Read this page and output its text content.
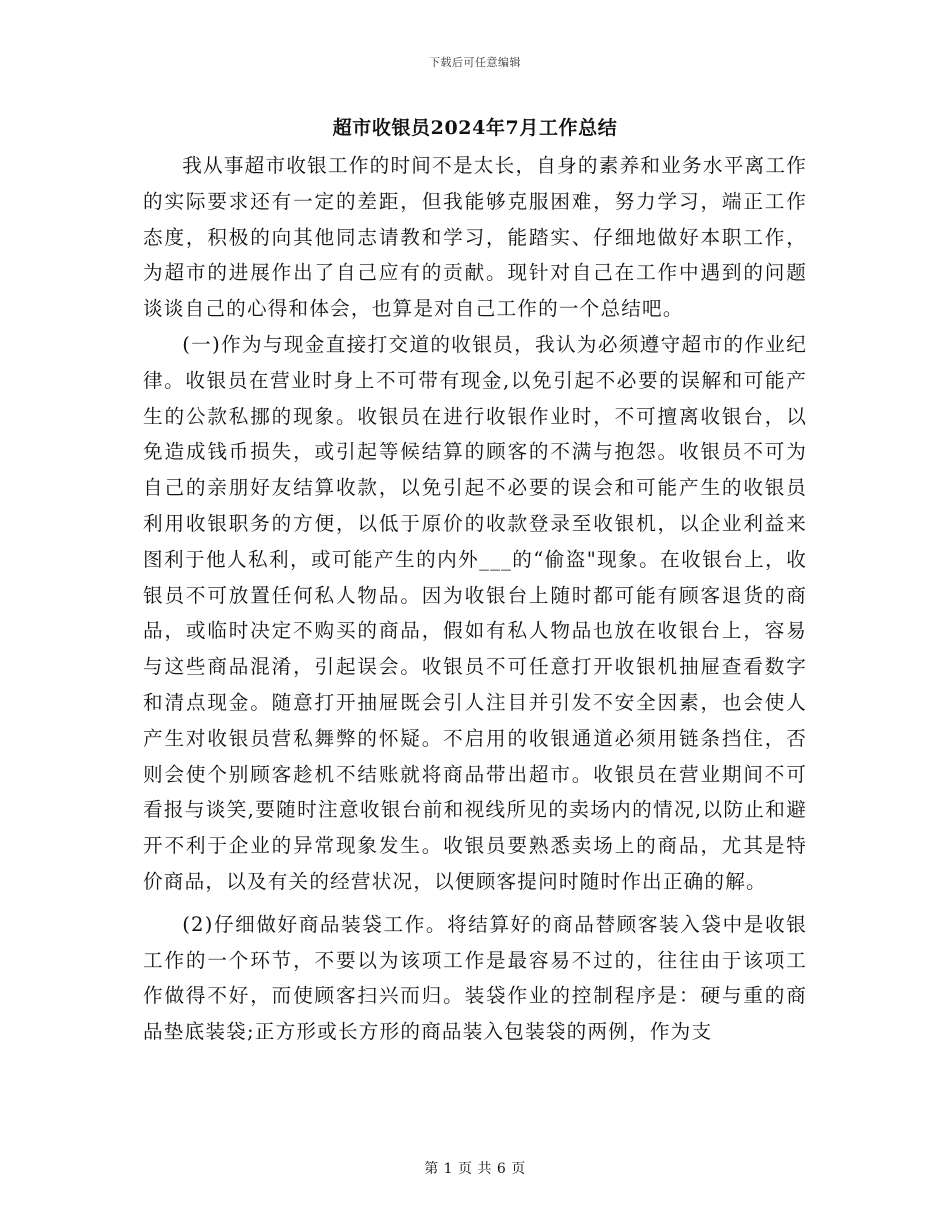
下载后可任意编辑
超市收银员2024年7月工作总结

我从事超市收银工作的时间不是太长，自身的素养和业务水平离工作的实际要求还有一定的差距，但我能够克服困难，努力学习，端正工作态度，积极的向其他同志请教和学习，能踏实、仔细地做好本职工作，为超市的进展作出了自己应有的贡献。现针对自己在工作中遇到的问题谈谈自己的心得和体会，也算是对自己工作的一个总结吧。

(一)作为与现金直接打交道的收银员，我认为必须遵守超市的作业纪律。收银员在营业时身上不可带有现金,以免引起不必要的误解和可能产生的公款私挪的现象。收银员在进行收银作业时，不可擅离收银台，以免造成钱币损失，或引起等候结算的顾客的不满与抱怨。收银员不可为自己的亲朋好友结算收款，以免引起不必要的误会和可能产生的收银员利用收银职务的方便，以低于原价的收款登录至收银机，以企业利益来图利于他人私利，或可能产生的内外___的“偷盗"现象。在收银台上，收银员不可放置任何私人物品。因为收银台上随时都可能有顾客退货的商品，或临时决定不购买的商品，假如有私人物品也放在收银台上，容易与这些商品混淆，引起误会。收银员不可任意打开收银机抽屉查看数字和清点现金。随意打开抽屉既会引人注目并引发不安全因素，也会使人产生对收银员营私舞弊的怀疑。不启用的收银通道必须用链条挡住，否则会使个别顾客趁机不结账就将商品带出超市。收银员在营业期间不可看报与谈笑,要随时注意收银台前和视线所见的卖场内的情况,以防止和避开不利于企业的异常现象发生。收银员要熟悉卖场上的商品，尤其是特价商品，以及有关的经营状况，以便顾客提问时随时作出正确的解。

(2)仔细做好商品装袋工作。将结算好的商品替顾客装入袋中是收银工作的一个环节，不要以为该项工作是最容易不过的，往往由于该项工作做得不好，而使顾客扫兴而归。装袋作业的控制程序是：硬与重的商品垫底装袋;正方形或长方形的商品装入包装袋的两例，作为支

第 1 页 共 6 页
